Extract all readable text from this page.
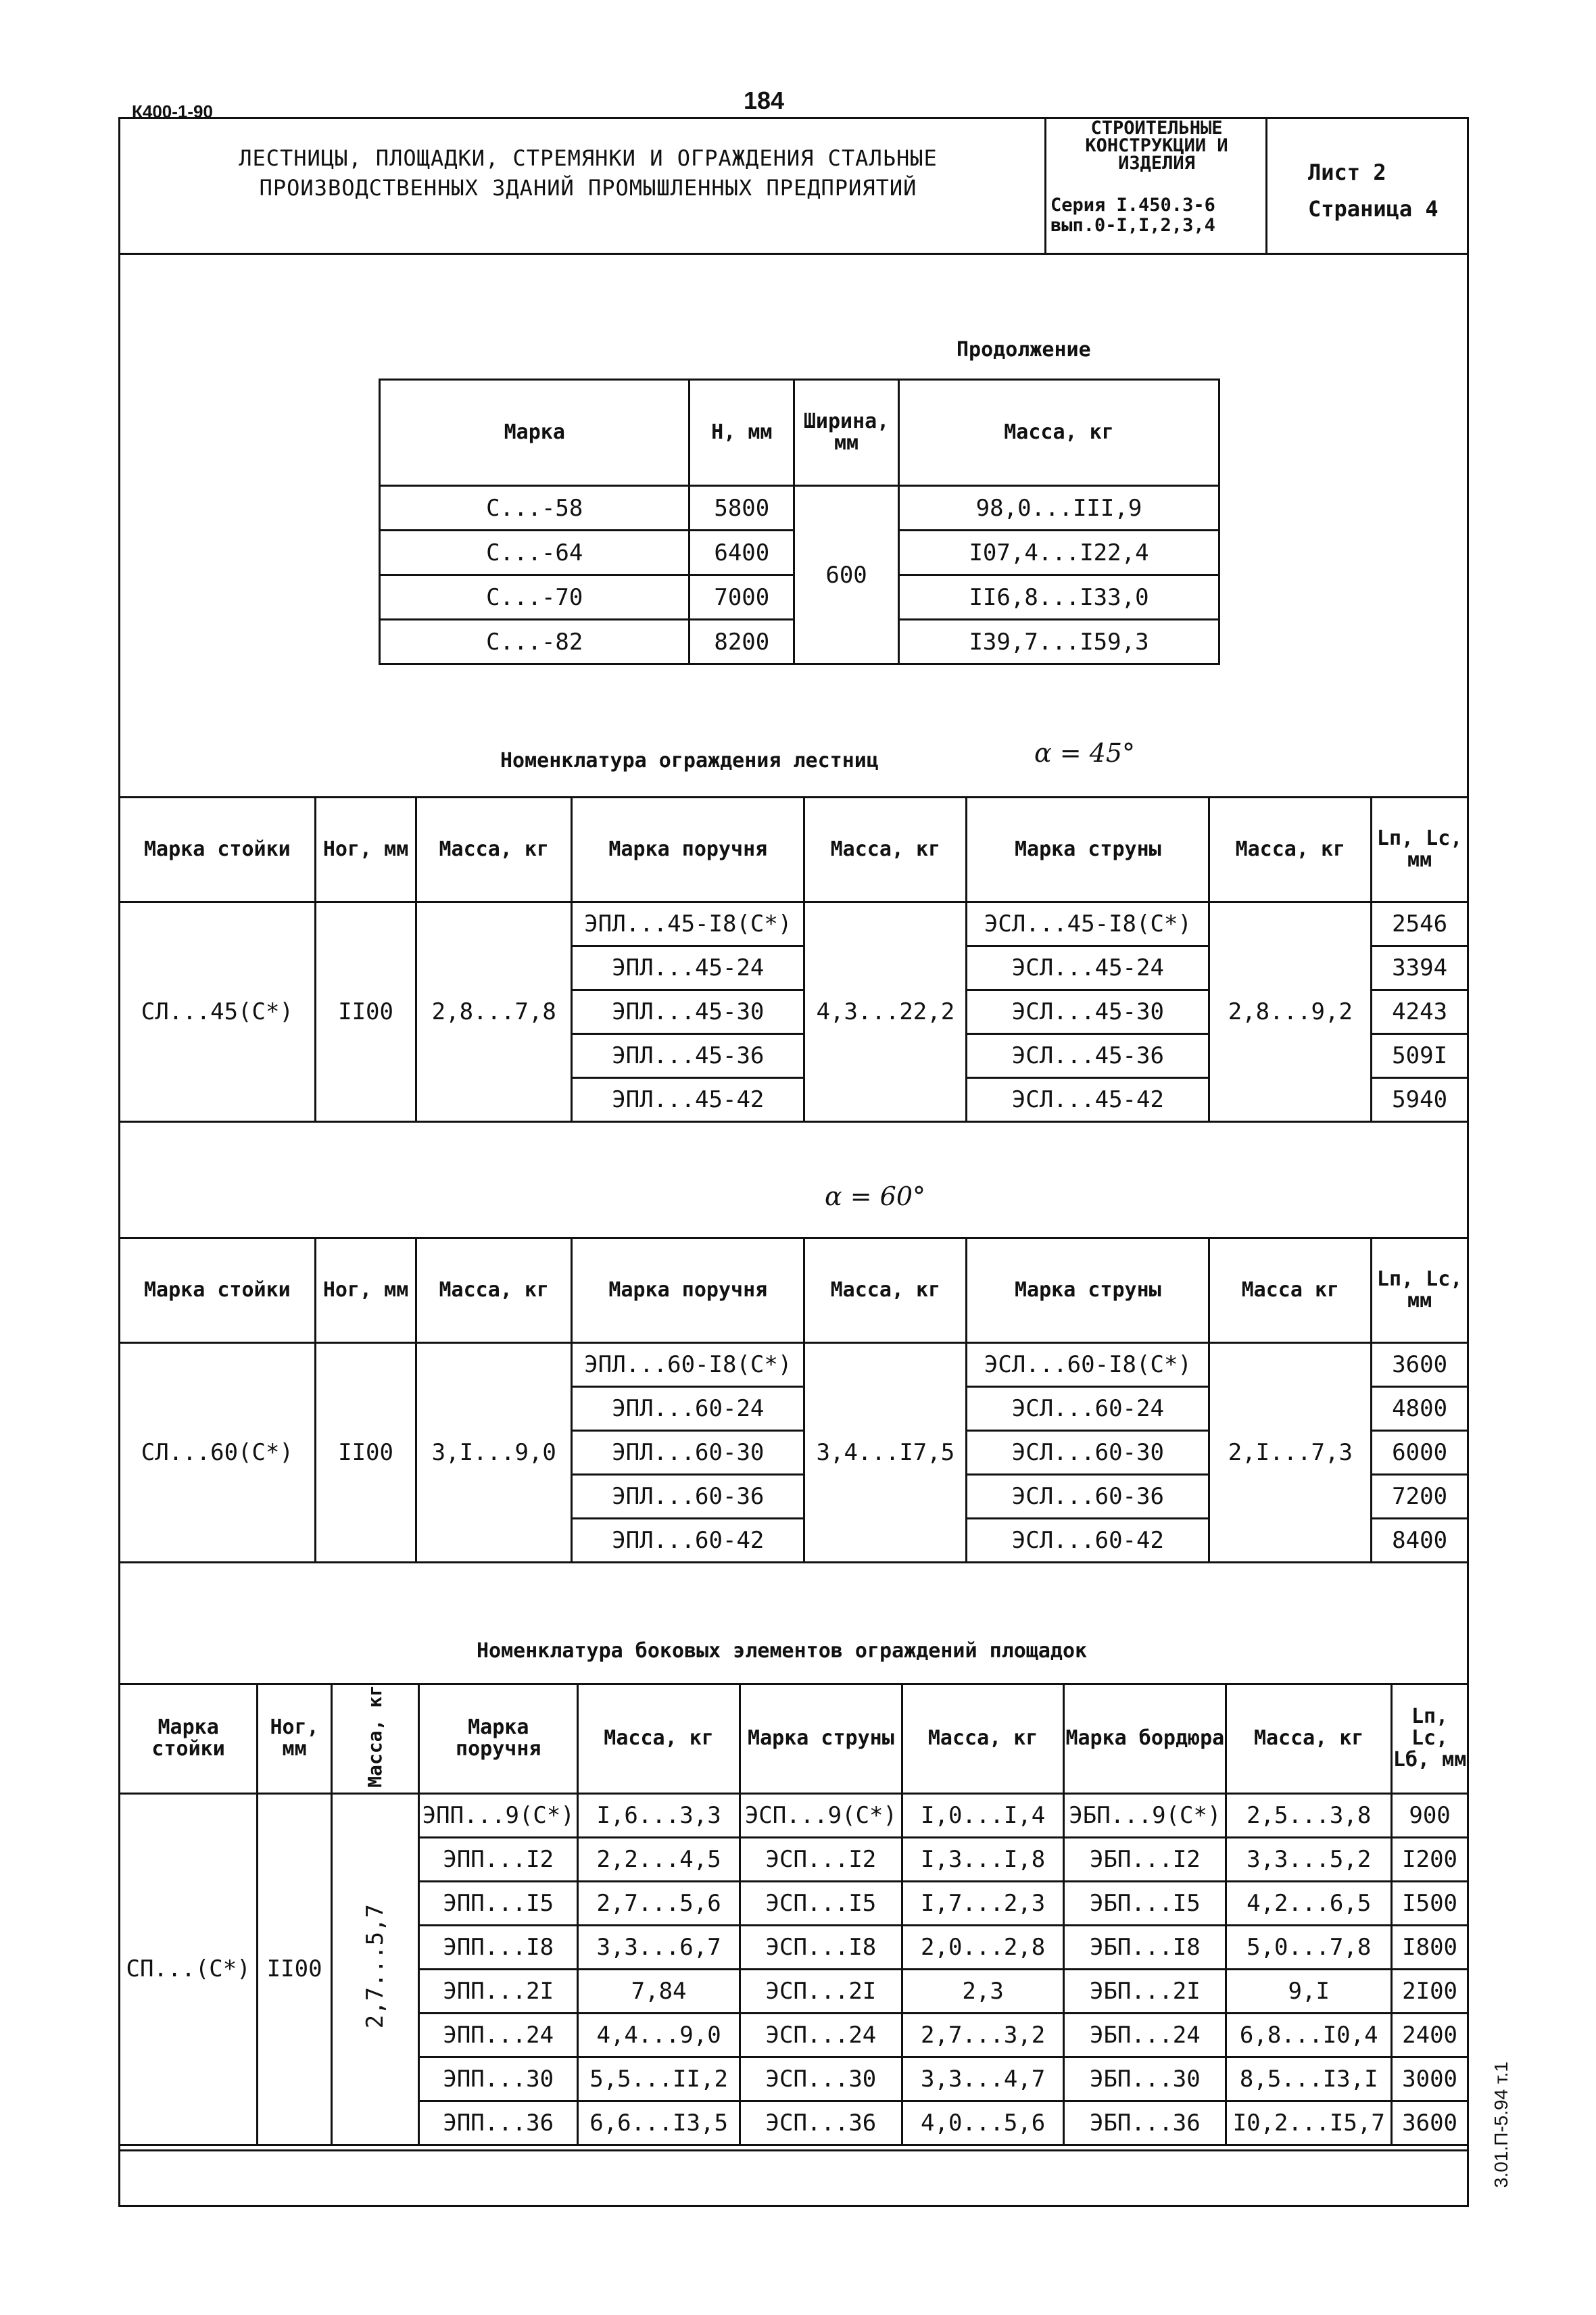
К400-1-90	184
ЛЕСТНИЦЫ, ПЛОЩАДКИ, СТРЕМЯНКИ И ОГРАЖДЕНИЯ СТАЛЬНЫЕ
ПРОИЗВОДСТВЕННЫХ ЗДАНИЙ ПРОМЫШЛЕННЫХ ПРЕДПРИЯТИЙ
СТРОИТЕЛЬНЫЕ КОНСТРУКЦИИ И ИЗДЕЛИЯ
Серия I.450.3-6
вып.0-I,I,2,3,4
Лист 2
Страница 4
Продолжение
Марка	Н, мм	Ширина, мм	Масса, кг
С...-58	5800	600	98,0...III,9
С...-64	6400		I07,4...I22,4
С...-70	7000		II6,8...I33,0
С...-82	8200		I39,7...I59,3
Номенклатура ограждения лестниц	α = 45°
Марка стойки	Ног, мм	Масса, кг	Марка поручня	Масса, кг	Марка струны	Масса, кг	Lп, Lс, мм
СЛ...45(С*)	II00	2,8...7,8	ЭПЛ...45-I8(С*)	4,3...22,2	ЭСЛ...45-I8(С*)	2,8...9,2	2546
			ЭПЛ...45-24		ЭСЛ...45-24		3394
			ЭПЛ...45-30		ЭСЛ...45-30		4243
			ЭПЛ...45-36		ЭСЛ...45-36		509I
			ЭПЛ...45-42		ЭСЛ...45-42		5940
α = 60°
Марка стойки	Ног, мм	Масса, кг	Марка поручня	Масса, кг	Марка струны	Масса кг	Lп, Lс, мм
СЛ...60(С*)	II00	3,I...9,0	ЭПЛ...60-I8(С*)	3,4...I7,5	ЭСЛ...60-I8(С*)	2,I...7,3	3600
			ЭПЛ...60-24		ЭСЛ...60-24		4800
			ЭПЛ...60-30		ЭСЛ...60-30		6000
			ЭПЛ...60-36		ЭСЛ...60-36		7200
			ЭПЛ...60-42		ЭСЛ...60-42		8400
Номенклатура боковых элементов ограждений площадок
Марка стойки	Ног, мм	Масса, кг	Марка поручня	Масса, кг	Марка струны	Масса, кг	Марка бордюра	Масса, кг	Lп, Lс, Lб, мм
СП...(С*)	II00	2,7...5,7	ЭПП...9(С*)	I,6...3,3	ЭСП...9(С*)	I,0...I,4	ЭБП...9(С*)	2,5...3,8	900
			ЭПП...I2	2,2...4,5	ЭСП...I2	I,3...I,8	ЭБП...I2	3,3...5,2	I200
			ЭПП...I5	2,7...5,6	ЭСП...I5	I,7...2,3	ЭБП...I5	4,2...6,5	I500
			ЭПП...I8	3,3...6,7	ЭСП...I8	2,0...2,8	ЭБП...I8	5,0...7,8	I800
			ЭПП...2I	7,84	ЭСП...2I	2,3	ЭБП...2I	9,I	2I00
			ЭПП...24	4,4...9,0	ЭСП...24	2,7...3,2	ЭБП...24	6,8...I0,4	2400
			ЭПП...30	5,5...II,2	ЭСП...30	3,3...4,7	ЭБП...30	8,5...I3,I	3000
			ЭПП...36	6,6...I3,5	ЭСП...36	4,0...5,6	ЭБП...36	I0,2...I5,7	3600 3.01.П-5.94 т.1
